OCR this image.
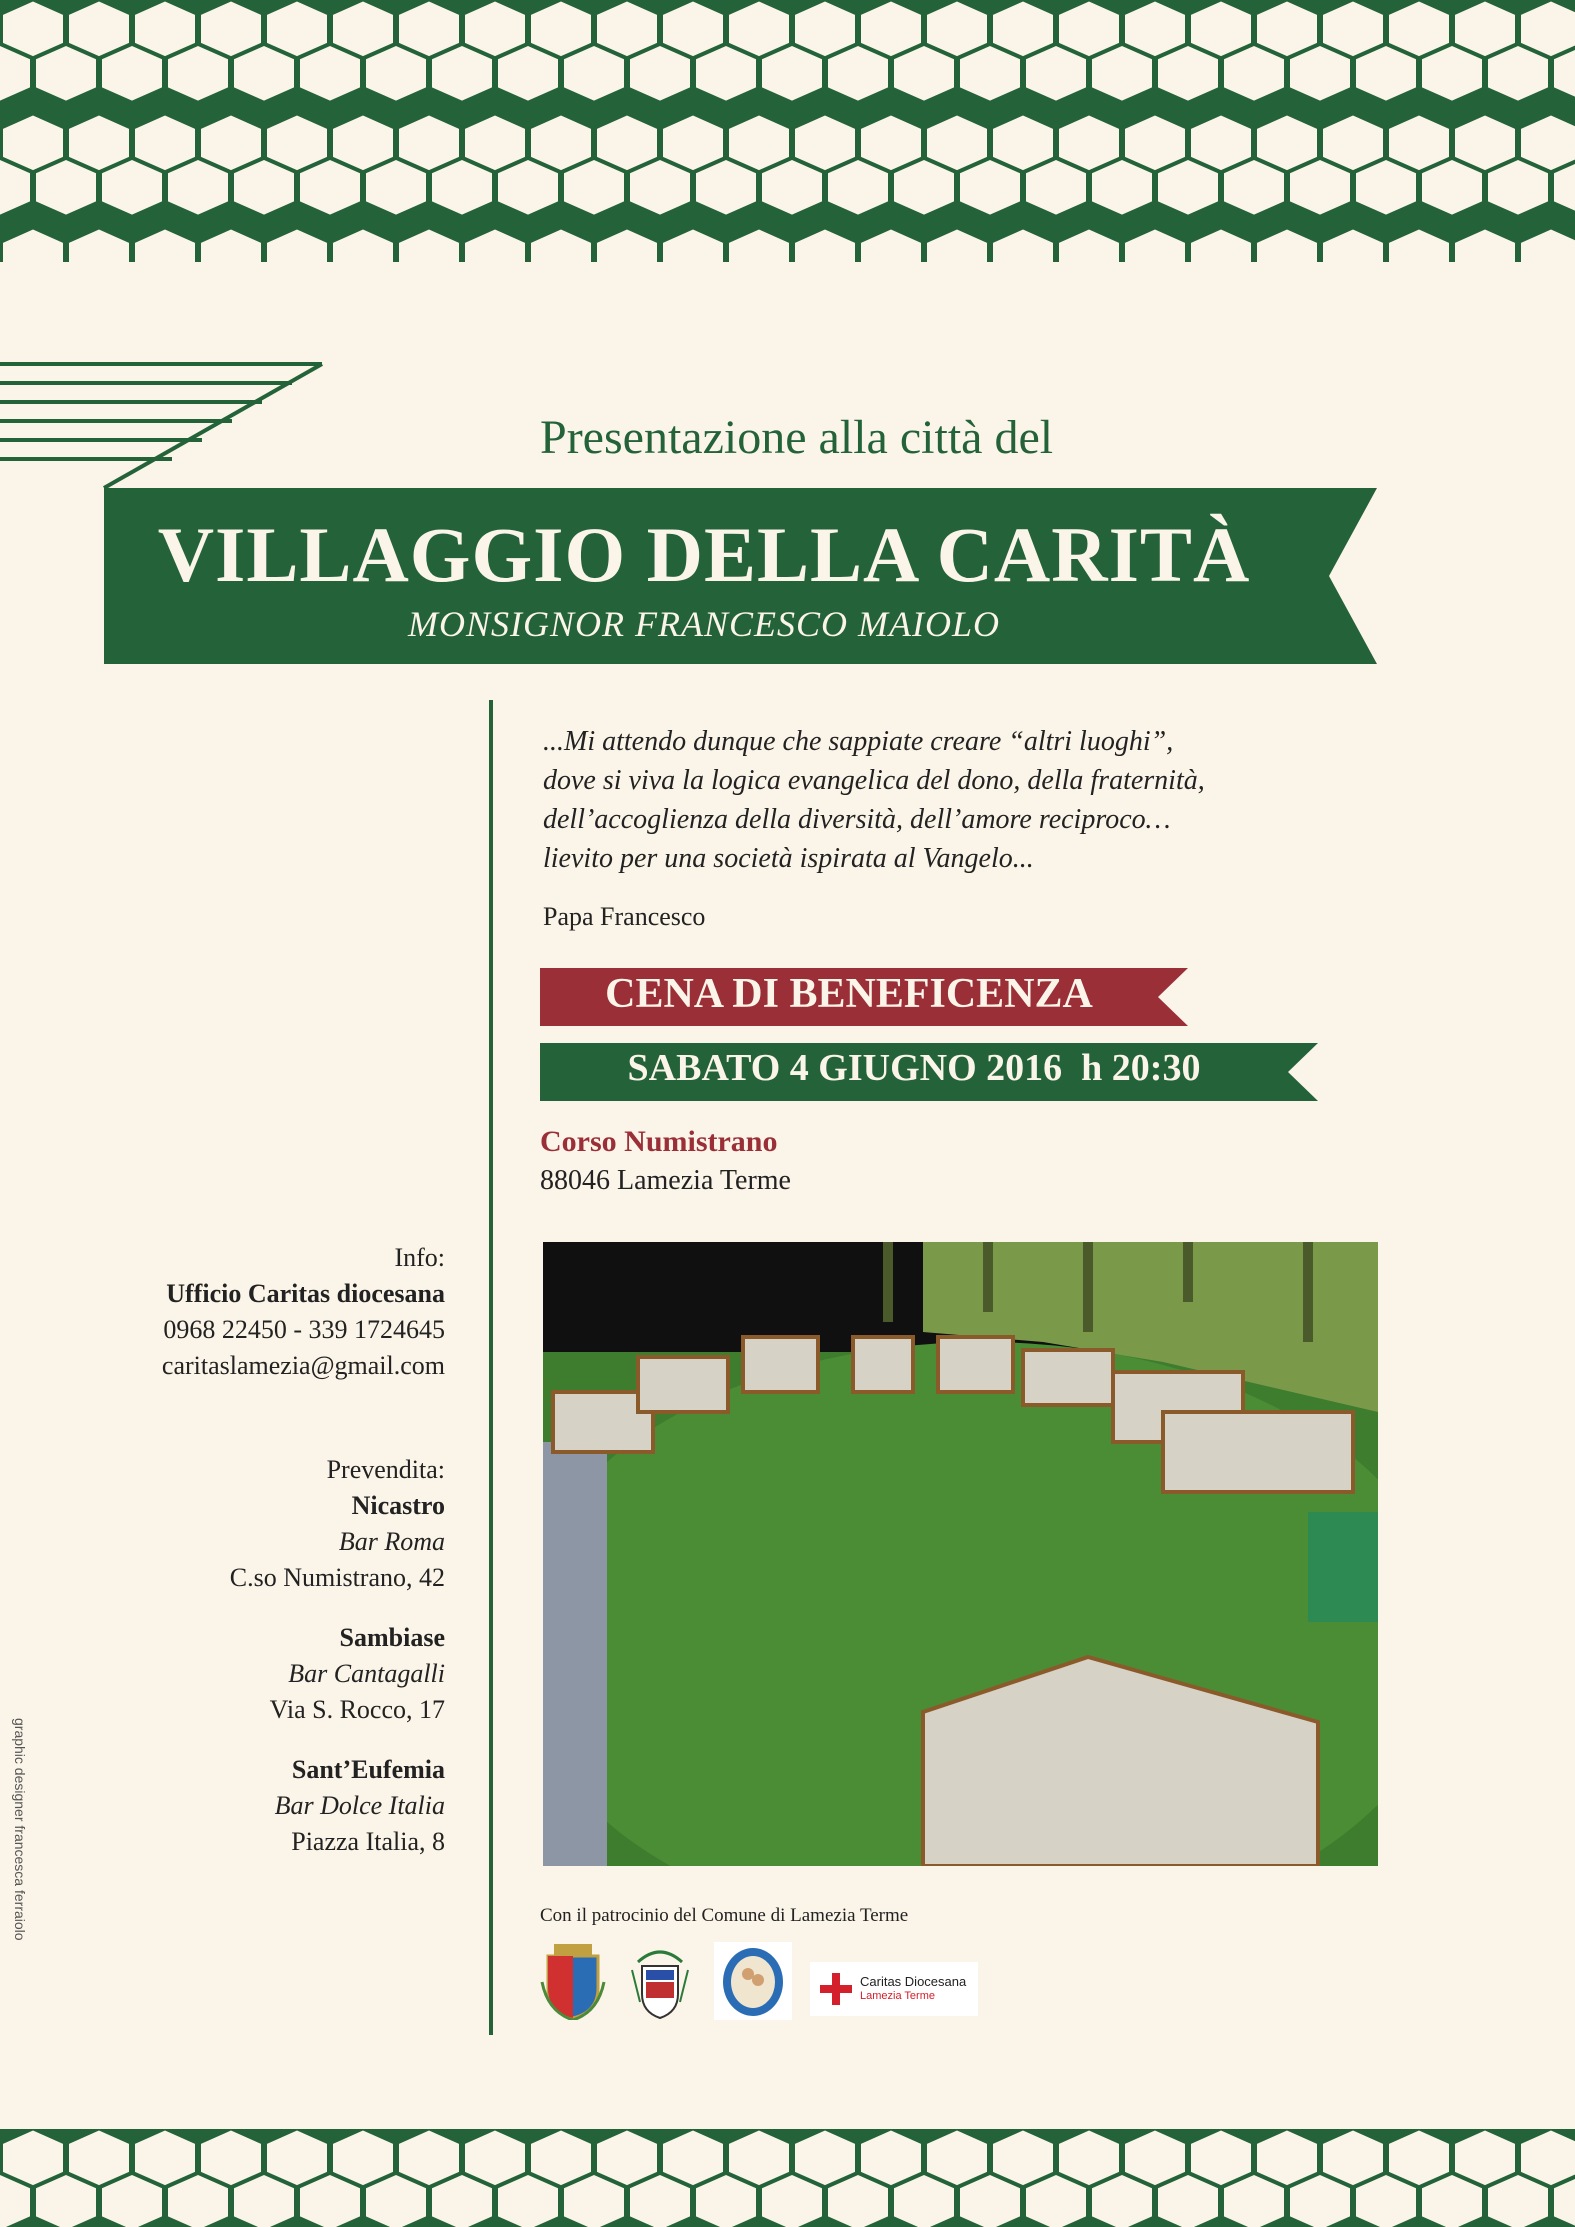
Presentazione alla città del
VILLAGGIO DELLA CARITÀ
MONSIGNOR FRANCESCO MAIOLO
...Mi attendo dunque che sappiate creare “altri luoghi”,
dove si viva la logica evangelica del dono, della fraternità,
dell’accoglienza della diversità, dell’amore reciproco…
lievito per una società ispirata al Vangelo...
Papa Francesco
CENA DI BENEFICENZA
SABATO 4 GIUGNO 2016  h 20:30
Corso Numistrano
88046 Lamezia Terme
Info:
Ufficio Caritas diocesana
0968 22450 - 339 1724645
caritaslamezia@gmail.com
Prevendita:
Nicastro
Bar Roma
C.so Numistrano, 42
Sambiase
Bar Cantagalli
Via S. Rocco, 17
Sant’Eufemia
Bar Dolce Italia
Piazza Italia, 8
graphic designer francesca ferraiolo	Con il patrocinio del Comune di Lamezia Terme
Caritas Diocesana
Lamezia Terme
